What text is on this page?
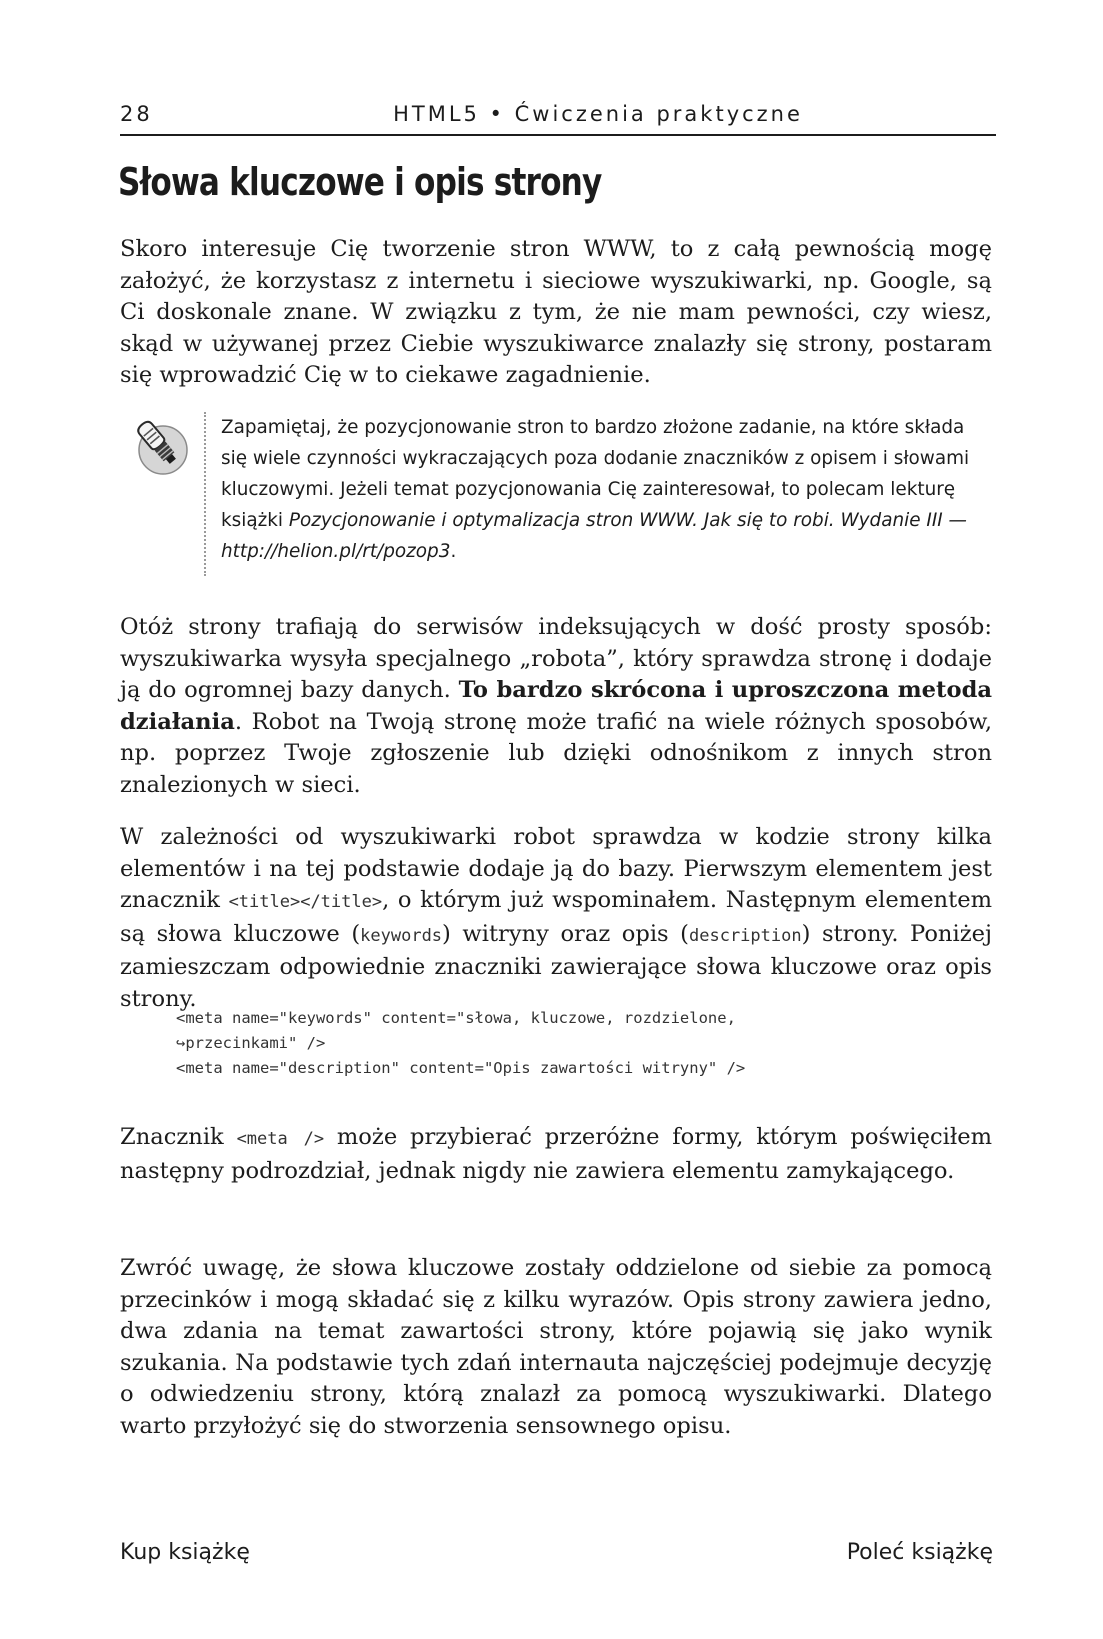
28	HTML5 • Ćwiczenia praktyczne
Słowa kluczowe i opis strony

Skoro interesuje Cię tworzenie stron WWW, to z całą pewnością mogę założyć, że korzystasz z internetu i sieciowe wyszukiwarki, np. Google, są Ci doskonale znane. W związku z tym, że nie mam pewności, czy wiesz, skąd w używanej przez Ciebie wyszukiwarce znalazły się strony, postaram się wprowadzić Cię w to ciekawe zagadnienie.

Zapamiętaj, że pozycjonowanie stron to bardzo złożone zadanie, na które składa się wiele czynności wykraczających poza dodanie znaczników z opisem i słowami kluczowymi. Jeżeli temat pozycjonowania Cię zainteresował, to polecam lekturę książki Pozycjonowanie i optymalizacja stron WWW. Jak się to robi. Wydanie III — http://helion.pl/rt/pozop3.

Otóż strony trafiają do serwisów indeksujących w dość prosty sposób: wyszukiwarka wysyła specjalnego „robota”, który sprawdza stronę i dodaje ją do ogromnej bazy danych. To bardzo skrócona i uproszczona metoda działania. Robot na Twoją stronę może trafić na wiele różnych sposobów, np. poprzez Twoje zgłoszenie lub dzięki odnośnikom z innych stron znalezionych w sieci.

W zależności od wyszukiwarki robot sprawdza w kodzie strony kilka elementów i na tej podstawie dodaje ją do bazy. Pierwszym elementem jest znacznik <title></title>, o którym już wspominałem. Następnym elementem są słowa kluczowe (keywords) witryny oraz opis (description) strony. Poniżej zamieszczam odpowiednie znaczniki zawierające słowa kluczowe oraz opis strony.

<meta name="keywords" content="słowa, kluczowe, rozdzielone,
↪przecinkami" />
<meta name="description" content="Opis zawartości witryny" />

Znacznik <meta /> może przybierać przeróżne formy, którym poświęciłem następny podrozdział, jednak nigdy nie zawiera elementu zamykającego.

Zwróć uwagę, że słowa kluczowe zostały oddzielone od siebie za pomocą przecinków i mogą składać się z kilku wyrazów. Opis strony zawiera jedno, dwa zdania na temat zawartości strony, które pojawią się jako wynik szukania. Na podstawie tych zdań internauta najczęściej podejmuje decyzję o odwiedzeniu strony, którą znalazł za pomocą wyszukiwarki. Dlatego warto przyłożyć się do stworzenia sensownego opisu.

Kup książkę	Poleć książkę
